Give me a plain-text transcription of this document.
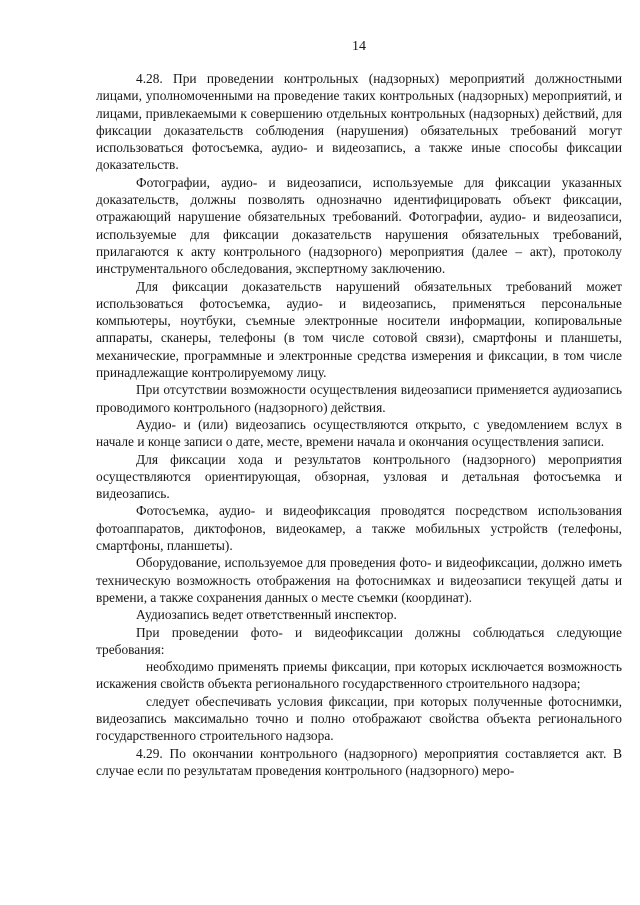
14

4.28. При проведении контрольных (надзорных) мероприятий должностными лицами, уполномоченными на проведение таких контрольных (надзорных) мероприятий, и лицами, привлекаемыми к совершению отдельных контрольных (надзорных) действий, для фиксации доказательств соблюдения (нарушения) обязательных требований могут использоваться фотосъемка, аудио- и видеозапись, а также иные способы фиксации доказательств.

Фотографии, аудио- и видеозаписи, используемые для фиксации указанных доказательств, должны позволять однозначно идентифицировать объект фиксации, отражающий нарушение обязательных требований. Фотографии, аудио- и видеозаписи, используемые для фиксации доказательств нарушения обязательных требований, прилагаются к акту контрольного (надзорного) мероприятия (далее – акт), протоколу инструментального обследования, экспертному заключению.

Для фиксации доказательств нарушений обязательных требований может использоваться фотосъемка, аудио- и видеозапись, применяться персональные компьютеры, ноутбуки, съемные электронные носители информации, копировальные аппараты, сканеры, телефоны (в том числе сотовой связи), смартфоны и планшеты, механические, программные и электронные средства измерения и фиксации, в том числе принадлежащие контролируемому лицу.

При отсутствии возможности осуществления видеозаписи применяется аудиозапись проводимого контрольного (надзорного) действия.

Аудио- и (или) видеозапись осуществляются открыто, с уведомлением вслух в начале и конце записи о дате, месте, времени начала и окончания осуществления записи.

Для фиксации хода и результатов контрольного (надзорного) мероприятия осуществляются ориентирующая, обзорная, узловая и детальная фотосъемка и видеозапись.

Фотосъемка, аудио- и видеофиксация проводятся посредством использования фотоаппаратов, диктофонов, видеокамер, а также мобильных устройств (телефоны, смартфоны, планшеты).

Оборудование, используемое для проведения фото- и видеофиксации, должно иметь техническую возможность отображения на фотоснимках и видеозаписи текущей даты и времени, а также сохранения данных о месте съемки (координат).

Аудиозапись ведет ответственный инспектор.

При проведении фото- и видеофиксации должны соблюдаться следующие требования:

необходимо применять приемы фиксации, при которых исключается возможность искажения свойств объекта регионального государственного строительного надзора;

следует обеспечивать условия фиксации, при которых полученные фотоснимки, видеозапись максимально точно и полно отображают свойства объекта регионального государственного строительного надзора.

4.29. По окончании контрольного (надзорного) мероприятия составляется акт. В случае если по результатам проведения контрольного (надзорного) меро-
